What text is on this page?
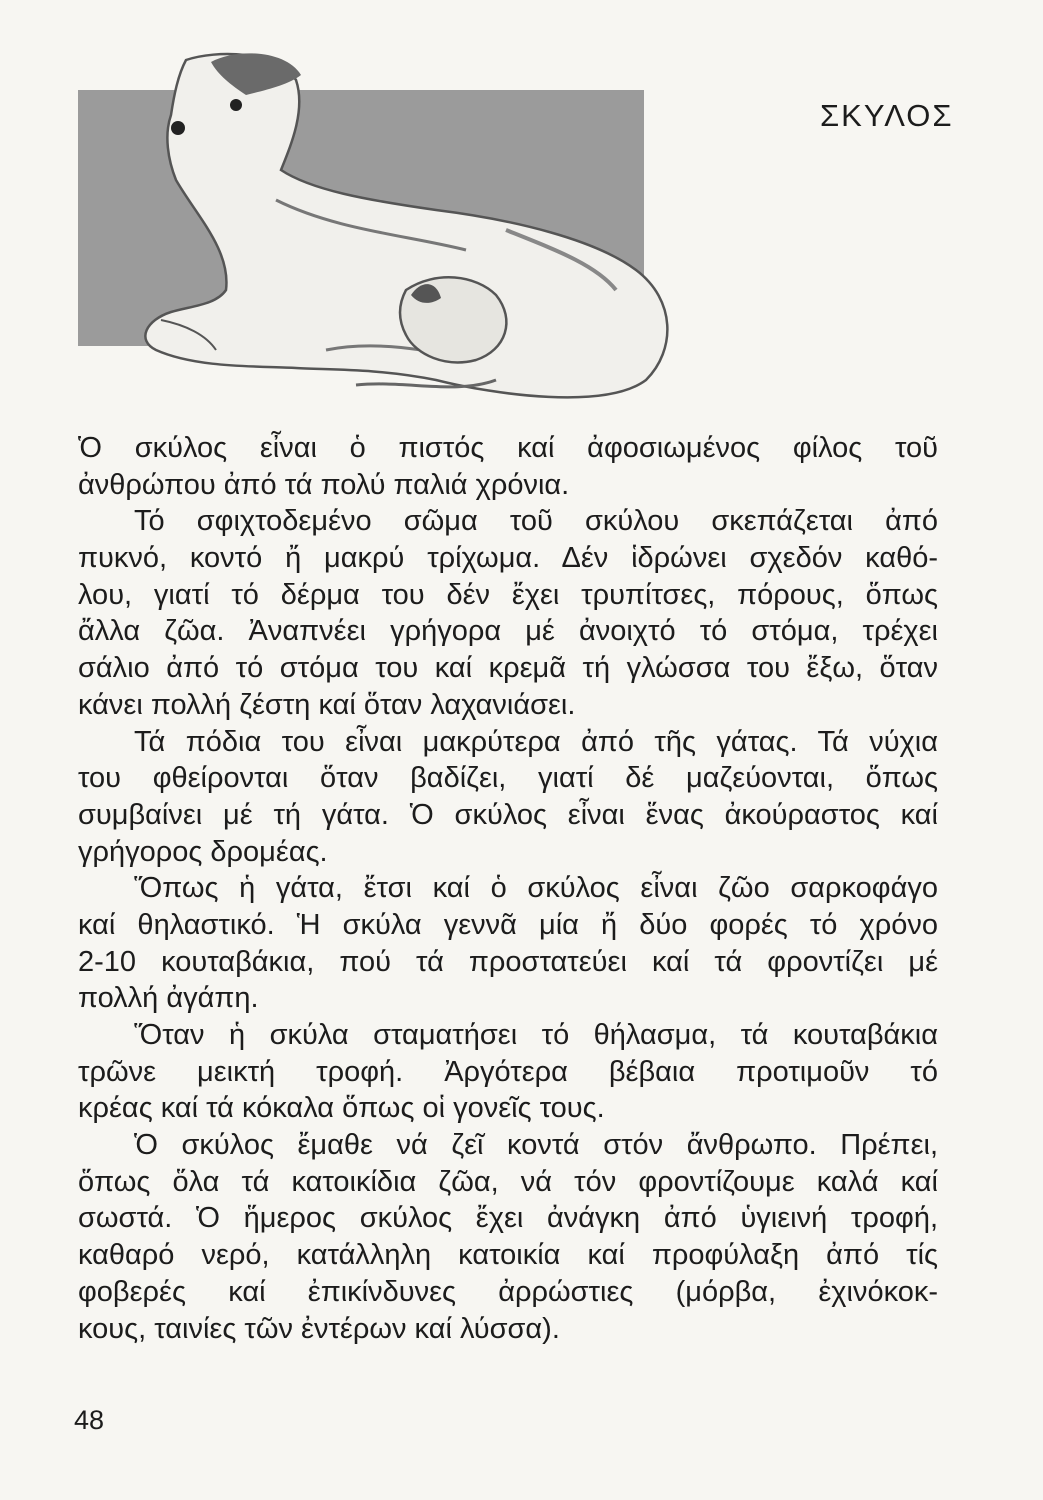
ΣΚΥΛΟΣ
Ὁ σκύλος εἶναι ὁ πιστός καί ἀφοσιωμένος φίλος τοῦ
ἀνθρώπου ἀπό τά πολύ παλιά χρόνια.
Τό σφιχτοδεμένο σῶμα τοῦ σκύλου σκεπάζεται ἀπό
πυκνό, κοντό ἤ μακρύ τρίχωμα. Δέν ἱδρώνει σχεδόν καθό-
λου, γιατί τό δέρμα του δέν ἔχει τρυπίτσες, πόρους, ὅπως
ἄλλα ζῶα. Ἀναπνέει γρήγορα μέ ἀνοιχτό τό στόμα, τρέχει
σάλιο ἀπό τό στόμα του καί κρεμᾶ τή γλώσσα του ἔξω, ὅταν
κάνει πολλή ζέστη καί ὅταν λαχανιάσει.
Τά πόδια του εἶναι μακρύτερα ἀπό τῆς γάτας. Τά νύχια
του φθείρονται ὅταν βαδίζει, γιατί δέ μαζεύονται, ὅπως
συμβαίνει μέ τή γάτα. Ὁ σκύλος εἶναι ἕνας ἀκούραστος καί
γρήγορος δρομέας.
Ὅπως ἡ γάτα, ἔτσι καί ὁ σκύλος εἶναι ζῶο σαρκοφάγο
καί θηλαστικό. Ἡ σκύλα γεννᾶ μία ἤ δύο φορές τό χρόνο
2-10 κουταβάκια, πού τά προστατεύει καί τά φροντίζει μέ
πολλή ἀγάπη.
Ὅταν ἡ σκύλα σταματήσει τό θήλασμα, τά κουταβάκια
τρῶνε μεικτή τροφή. Ἀργότερα βέβαια προτιμοῦν τό
κρέας καί τά κόκαλα ὅπως οἱ γονεῖς τους.
Ὁ σκύλος ἔμαθε νά ζεῖ κοντά στόν ἄνθρωπο. Πρέπει,
ὅπως ὅλα τά κατοικίδια ζῶα, νά τόν φροντίζουμε καλά καί
σωστά. Ὁ ἥμερος σκύλος ἔχει ἀνάγκη ἀπό ὑγιεινή τροφή,
καθαρό νερό, κατάλληλη κατοικία καί προφύλαξη ἀπό τίς
φοβερές καί ἐπικίνδυνες ἀρρώστιες (μόρβα, ἐχινόκοκ-
κους, ταινίες τῶν ἐντέρων καί λύσσα).
48
